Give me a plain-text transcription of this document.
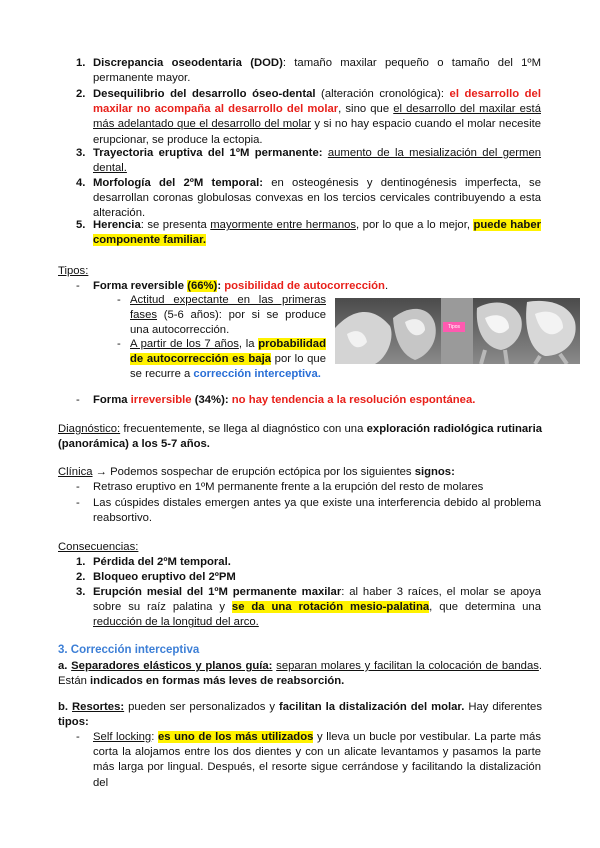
1. Discrepancia oseodentaria (DOD): tamaño maxilar pequeño o tamaño del 1ºM permanente mayor.
2. Desequilibrio del desarrollo óseo-dental (alteración cronológica): el desarrollo del maxilar no acompaña al desarrollo del molar, sino que el desarrollo del maxilar está más adelantado que el desarrollo del molar y si no hay espacio cuando el molar necesite erupcionar, se produce la ectopia.
3. Trayectoria eruptiva del 1ºM permanente: aumento de la mesialización del germen dental.
4. Morfología del 2ºM temporal: en osteogénesis y dentinogénesis imperfecta, se desarrollan coronas globulosas convexas en los tercios cervicales contribuyendo a esta alteración.
5. Herencia: se presenta mayormente entre hermanos, por lo que a lo mejor, puede haber componente familiar.
Tipos:
- Forma reversible (66%): posibilidad de autocorrección.
- Actitud expectante en las primeras fases (5-6 años): por si se produce una autocorrección.
- A partir de los 7 años, la probabilidad de autocorrección es baja por lo que se recurre a corrección interceptiva.
Tipos
- Forma irreversible (34%): no hay tendencia a la resolución espontánea.
Diagnóstico: frecuentemente, se llega al diagnóstico con una exploración radiológica rutinaria (panorámica) a los 5-7 años.
Clínica → Podemos sospechar de erupción ectópica por los siguientes signos:
- Retraso eruptivo en 1ºM permanente frente a la erupción del resto de molares
- Las cúspides distales emergen antes ya que existe una interferencia debido al problema reabsortivo.
Consecuencias:
1. Pérdida del 2ºM temporal.
2. Bloqueo eruptivo del 2ºPM
3. Erupción mesial del 1ºM permanente maxilar: al haber 3 raíces, el molar se apoya sobre su raíz palatina y se da una rotación mesio-palatina, que determina una reducción de la longitud del arco.
3. Corrección interceptiva
a. Separadores elásticos y planos guía: separan molares y facilitan la colocación de bandas. Están indicados en formas más leves de reabsorción.
b. Resortes: pueden ser personalizados y facilitan la distalización del molar. Hay diferentes tipos:
- Self locking: es uno de los más utilizados y lleva un bucle por vestibular. La parte más corta la alojamos entre los dos dientes y con un alicate levantamos y pasamos la parte más larga por lingual. Después, el resorte sigue cerrándose y facilitando la distalización del
